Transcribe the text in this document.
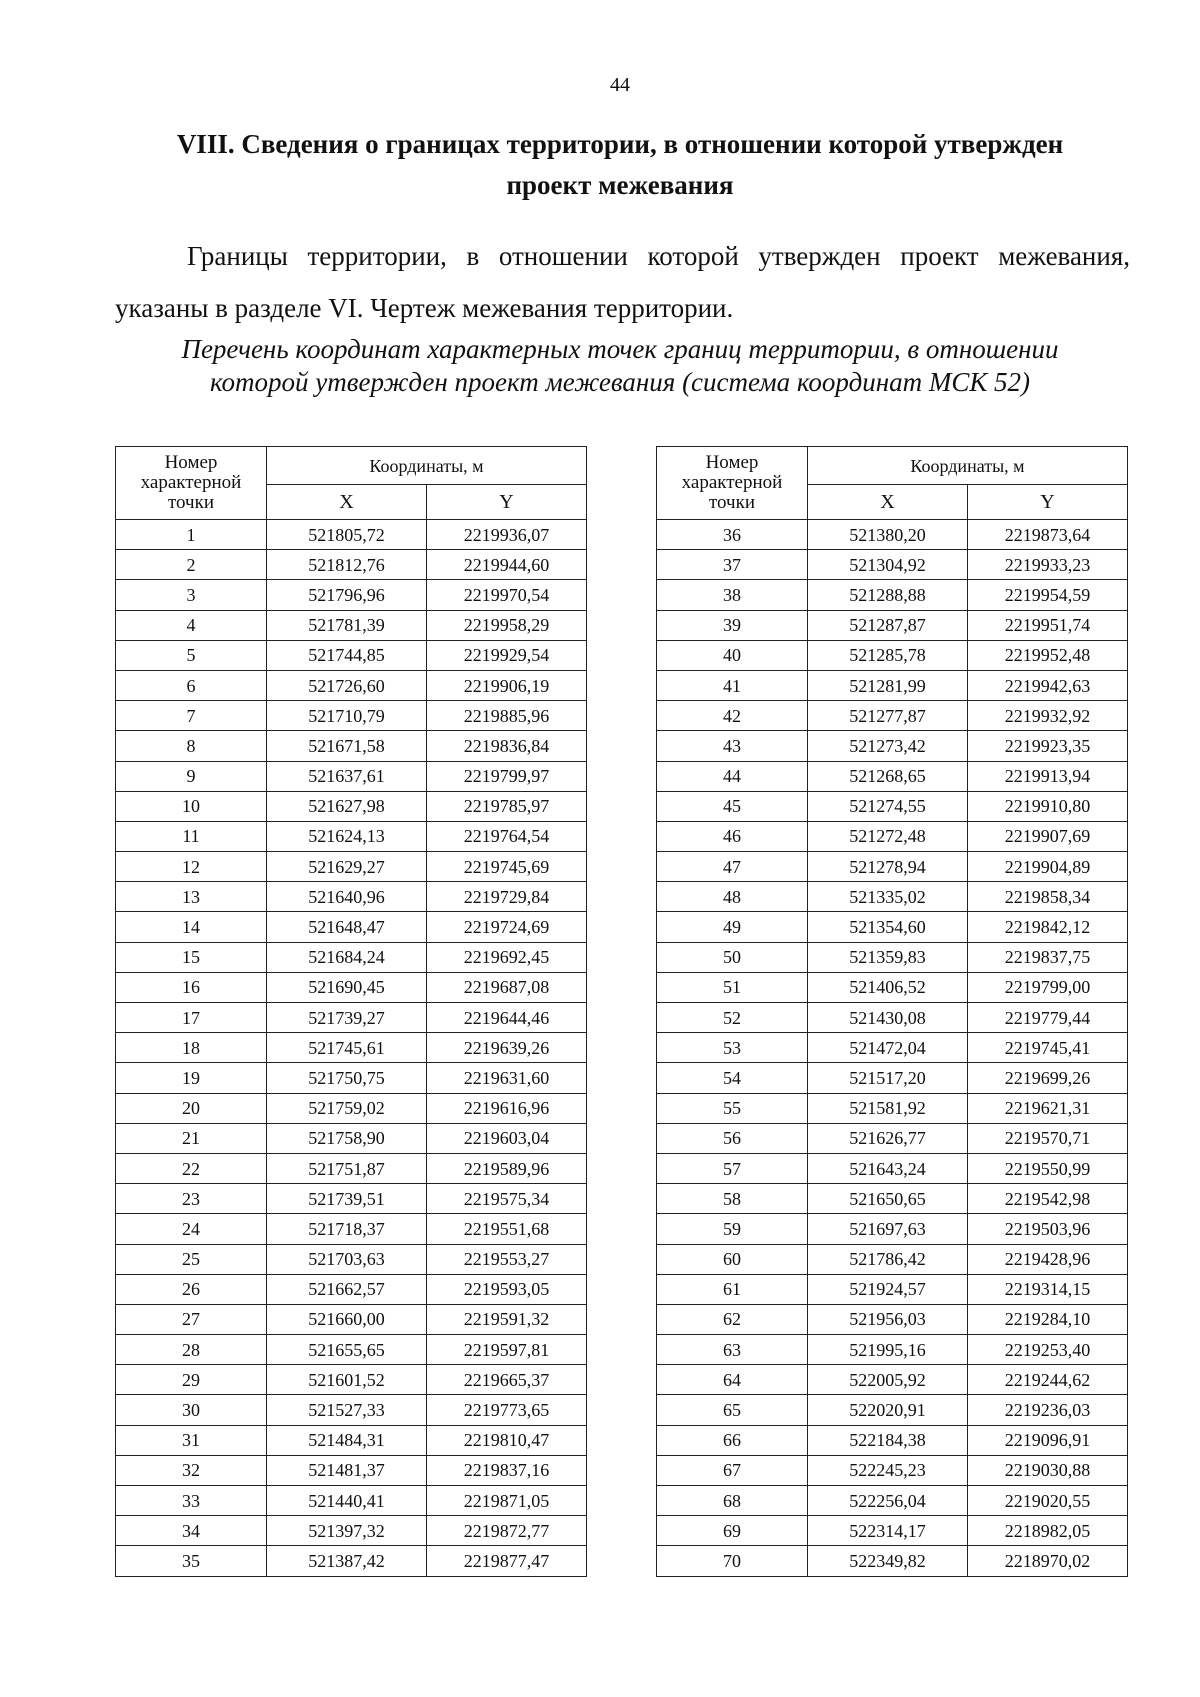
44
VIII. Сведения о границах территории, в отношении которой утвержден
проект межевания
Границы территории, в отношении которой утвержден проект межевания,
указаны в разделе VI. Чертеж межевания территории.
Перечень координат характерных точек границ территории, в отношении
которой утвержден проект межевания (система координат МСК 52)
Номер
характерной
точки	Координаты, м	
	X	Y
1	521805,72	2219936,07
2	521812,76	2219944,60
3	521796,96	2219970,54
4	521781,39	2219958,29
5	521744,85	2219929,54
6	521726,60	2219906,19
7	521710,79	2219885,96
8	521671,58	2219836,84
9	521637,61	2219799,97
10	521627,98	2219785,97
11	521624,13	2219764,54
12	521629,27	2219745,69
13	521640,96	2219729,84
14	521648,47	2219724,69
15	521684,24	2219692,45
16	521690,45	2219687,08
17	521739,27	2219644,46
18	521745,61	2219639,26
19	521750,75	2219631,60
20	521759,02	2219616,96
21	521758,90	2219603,04
22	521751,87	2219589,96
23	521739,51	2219575,34
24	521718,37	2219551,68
25	521703,63	2219553,27
26	521662,57	2219593,05
27	521660,00	2219591,32
28	521655,65	2219597,81
29	521601,52	2219665,37
30	521527,33	2219773,65
31	521484,31	2219810,47
32	521481,37	2219837,16
33	521440,41	2219871,05
34	521397,32	2219872,77
35	521387,42	2219877,47
Номер
характерной
точки	Координаты, м	
	X	Y
36	521380,20	2219873,64
37	521304,92	2219933,23
38	521288,88	2219954,59
39	521287,87	2219951,74
40	521285,78	2219952,48
41	521281,99	2219942,63
42	521277,87	2219932,92
43	521273,42	2219923,35
44	521268,65	2219913,94
45	521274,55	2219910,80
46	521272,48	2219907,69
47	521278,94	2219904,89
48	521335,02	2219858,34
49	521354,60	2219842,12
50	521359,83	2219837,75
51	521406,52	2219799,00
52	521430,08	2219779,44
53	521472,04	2219745,41
54	521517,20	2219699,26
55	521581,92	2219621,31
56	521626,77	2219570,71
57	521643,24	2219550,99
58	521650,65	2219542,98
59	521697,63	2219503,96
60	521786,42	2219428,96
61	521924,57	2219314,15
62	521956,03	2219284,10
63	521995,16	2219253,40
64	522005,92	2219244,62
65	522020,91	2219236,03
66	522184,38	2219096,91
67	522245,23	2219030,88
68	522256,04	2219020,55
69	522314,17	2218982,05
70	522349,82	2218970,02
